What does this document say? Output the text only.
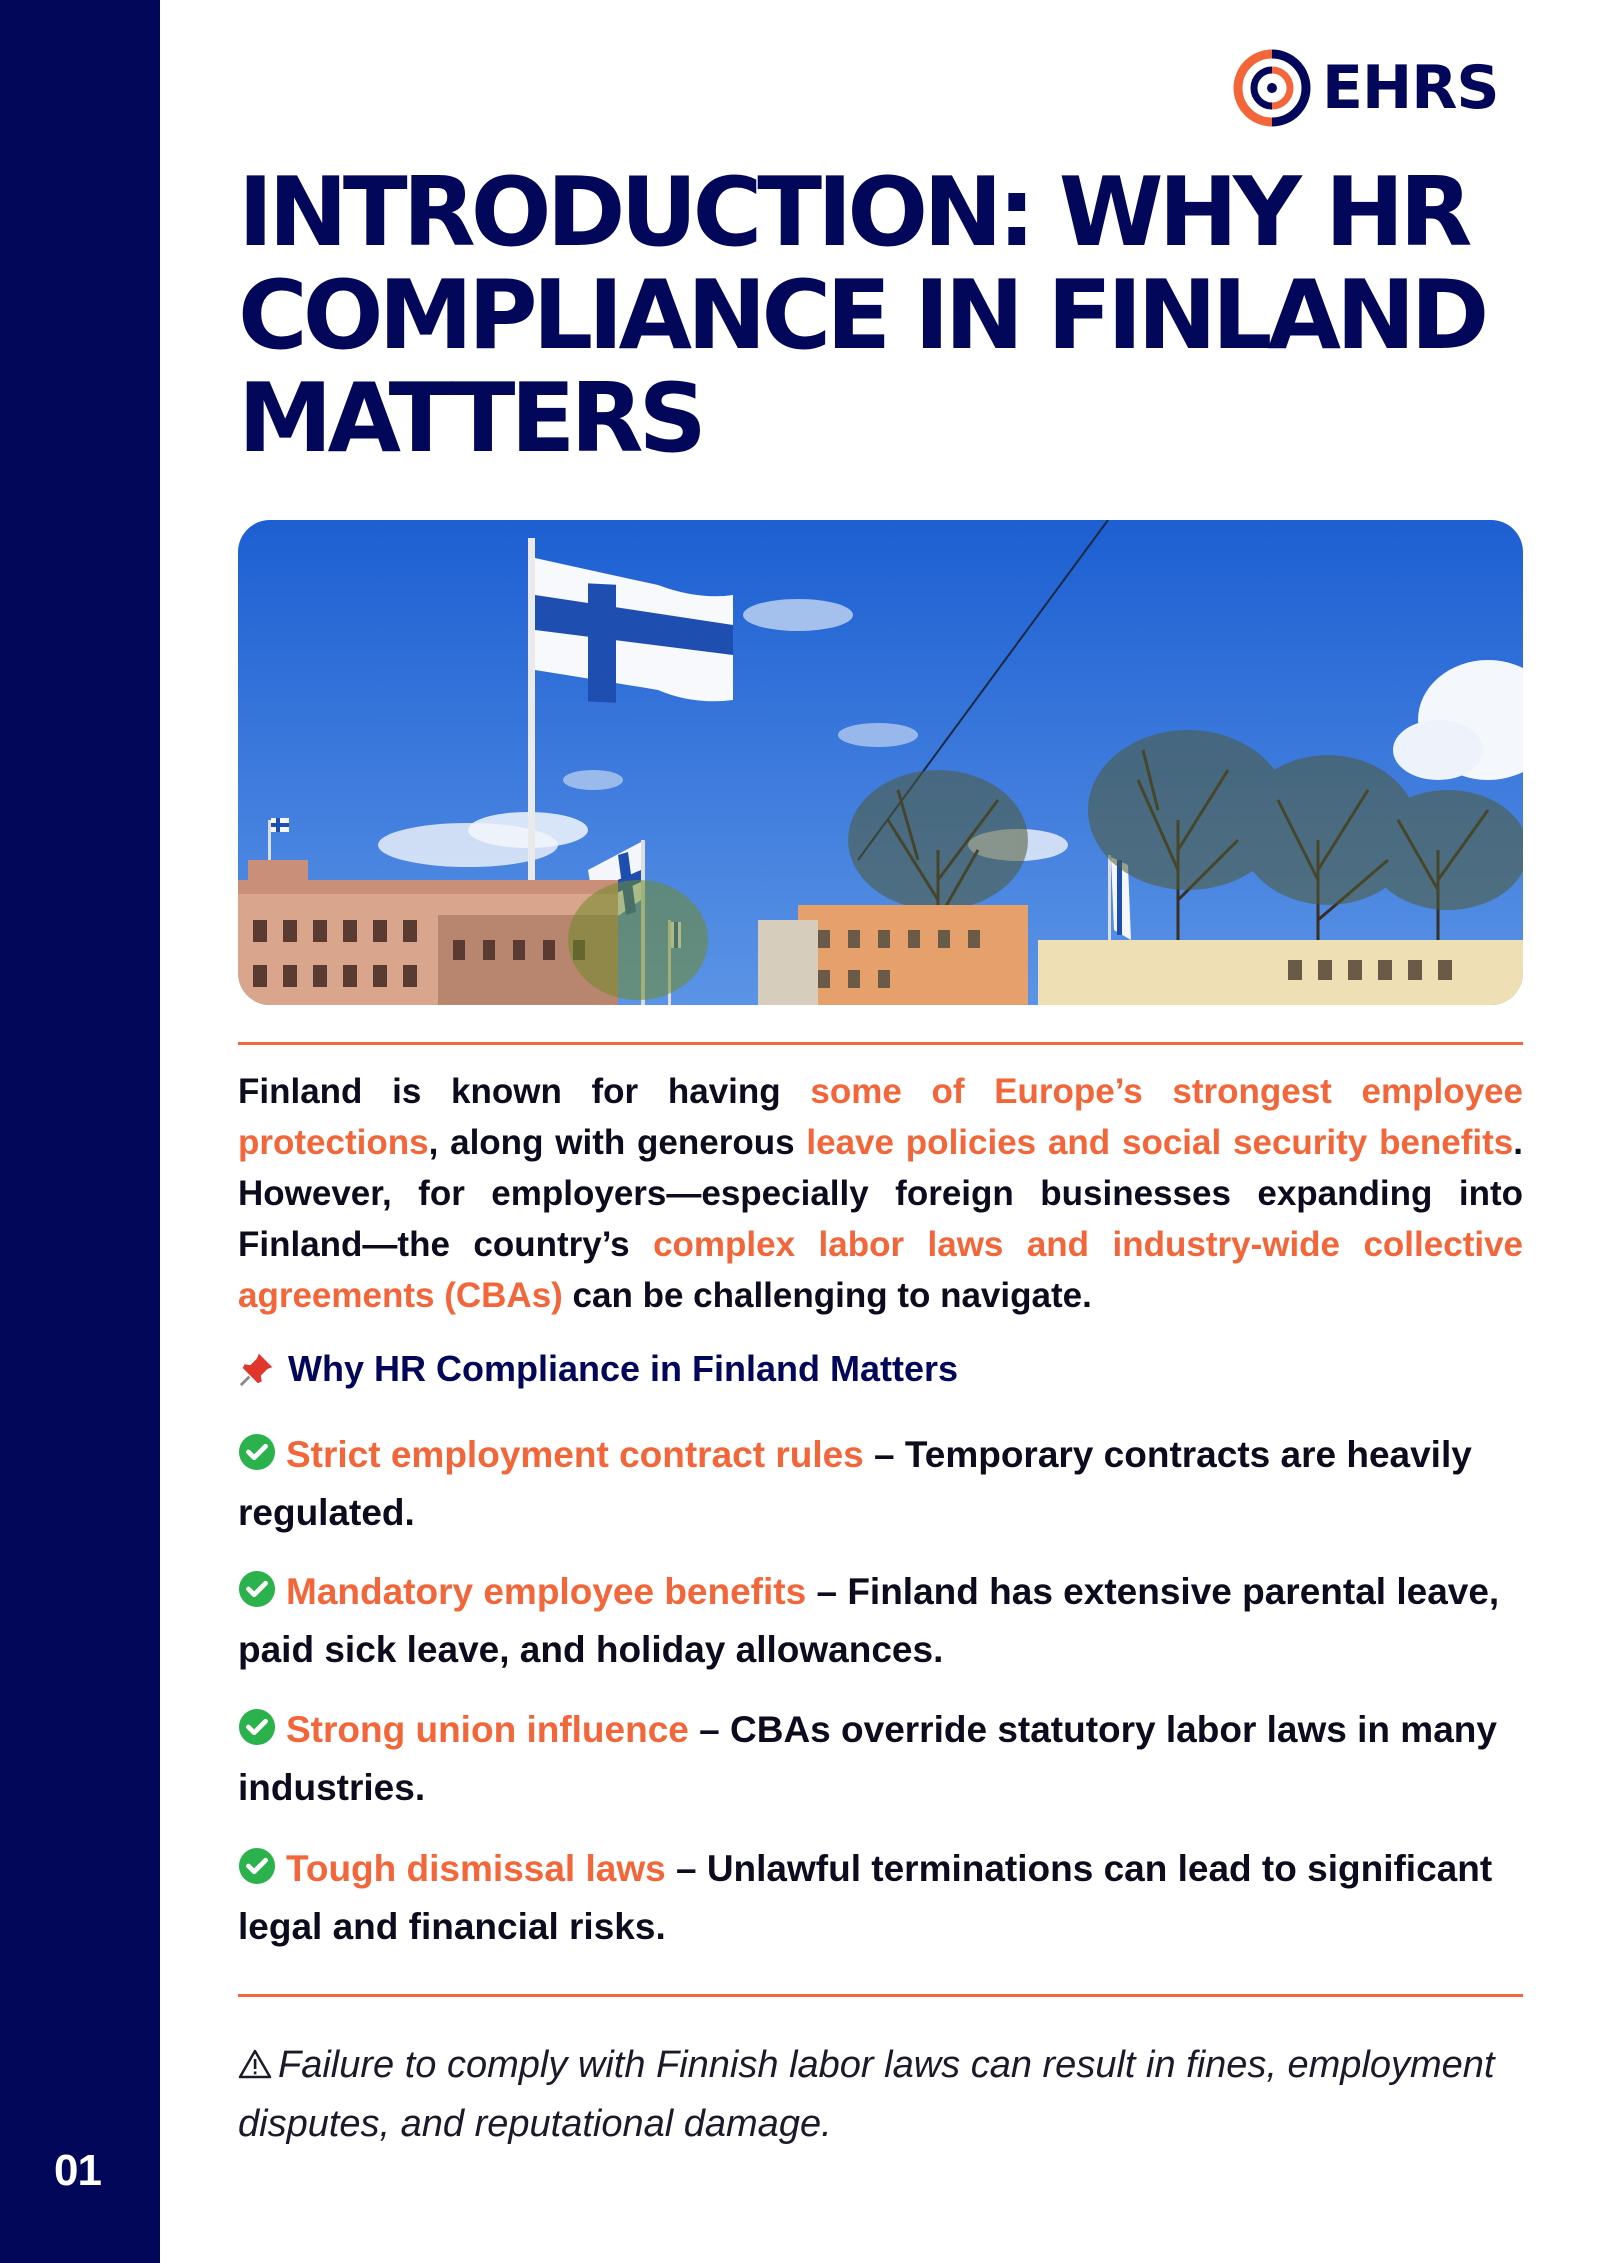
01
EHRS
INTRODUCTION: WHY HR COMPLIANCE IN FINLAND MATTERS

Finland is known for having some of Europe’s strongest employee protections, along with generous leave policies and social security benefits. However, for employers—especially foreign businesses expanding into Finland—the country’s complex labor laws and industry-wide collective agreements (CBAs) can be challenging to navigate.

Why HR Compliance in Finland Matters

Strict employment contract rules – Temporary contracts are heavily regulated.

Mandatory employee benefits – Finland has extensive parental leave, paid sick leave, and holiday allowances.

Strong union influence – CBAs override statutory labor laws in many industries.

Tough dismissal laws – Unlawful terminations can lead to significant legal and financial risks.

Failure to comply with Finnish labor laws can result in fines, employment disputes, and reputational damage.
